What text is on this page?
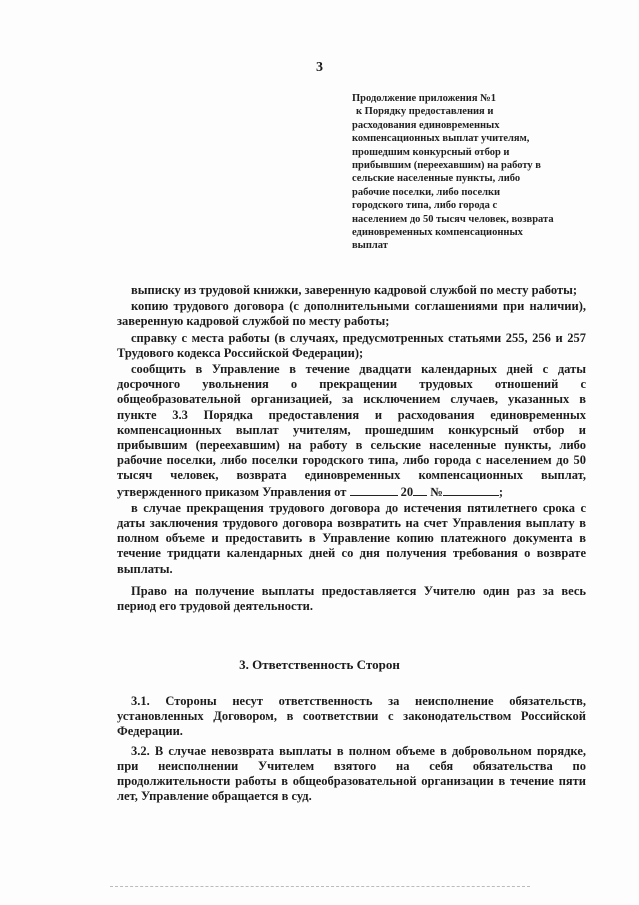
3
Продолжение приложения №1
к Порядку предоставления и
расходования единовременных
компенсационных выплат учителям,
прошедшим конкурсный отбор и
прибывшим (переехавшим) на работу в
сельские населенные пункты, либо
рабочие поселки, либо поселки
городского типа, либо города с
населением до 50 тысяч человек, возврата
единовременных компенсационных
выплат

выписку из трудовой книжки, заверенную кадровой службой по месту работы;

копию трудового договора (с дополнительными соглашениями при наличии), заверенную кадровой службой по месту работы;

справку с места работы (в случаях, предусмотренных статьями 255, 256 и 257 Трудового кодекса Российской Федерации);

сообщить в Управление в течение двадцати календарных дней с даты досрочного увольнения о прекращении трудовых отношений с общеобразовательной организацией, за исключением случаев, указанных в пункте 3.3 Порядка предоставления и расходования единовременных компенсационных выплат учителям, прошедшим конкурсный отбор и прибывшим (переехавшим) на работу в сельские населенные пункты, либо рабочие поселки, либо поселки городского типа, либо города с населением до 50 тысяч человек, возврата единовременных компенсационных выплат, утвержденного приказом Управления от	20 №	;

в случае прекращения трудового договора до истечения пятилетнего срока с даты заключения трудового договора возвратить на счет Управления выплату в полном объеме и предоставить в Управление копию платежного документа в течение тридцати календарных дней со дня получения требования о возврате выплаты.

Право на получение выплаты предоставляется Учителю один раз за весь период его трудовой деятельности.

3. Ответственность Сторон

3.1. Стороны несут ответственность за неисполнение обязательств, установленных Договором, в соответствии с законодательством Российской Федерации.

3.2. В случае невозврата выплаты в полном объеме в добровольном порядке, при неисполнении Учителем взятого на себя обязательства по продолжительности работы в общеобразовательной организации в течение пяти лет, Управление обращается в суд.
